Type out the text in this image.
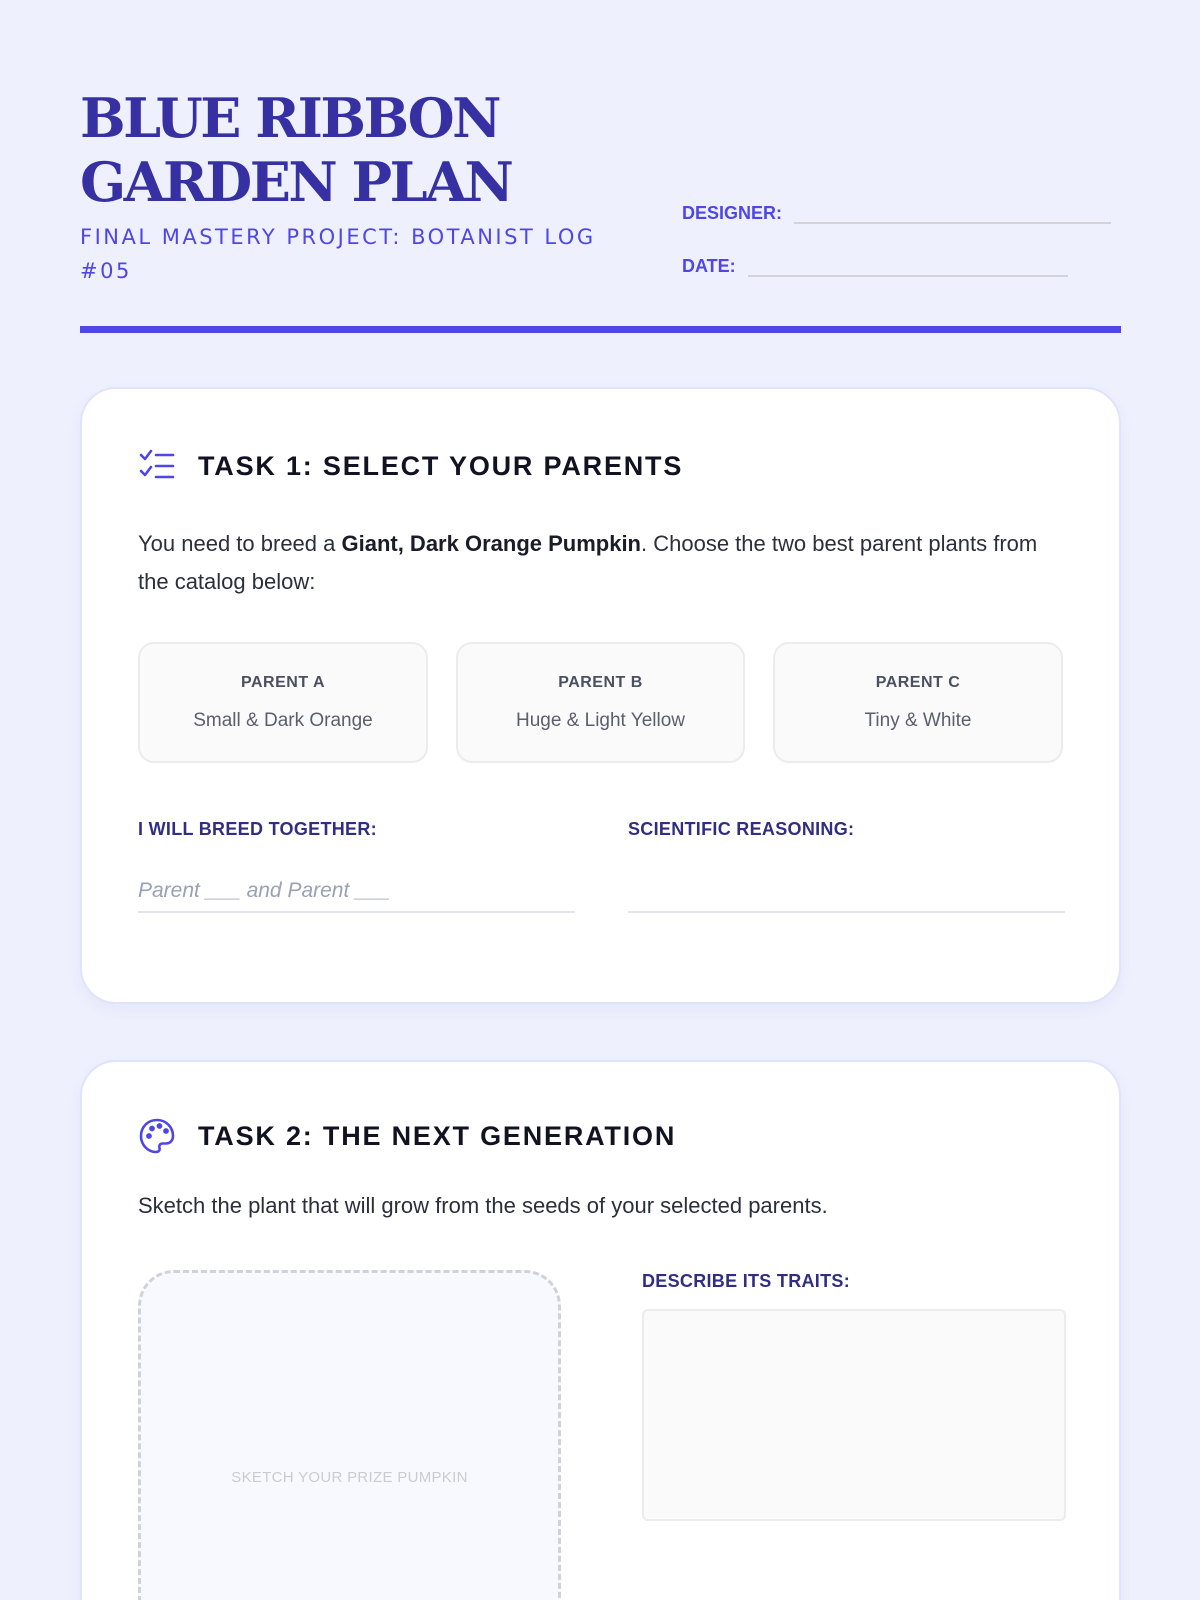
BLUE RIBBON
GARDEN PLAN
FINAL MASTERY PROJECT: BOTANIST LOG #05
DESIGNER:
DATE:
TASK 1: SELECT YOUR PARENTS

You need to breed a Giant, Dark Orange Pumpkin. Choose the two best parent plants from the catalog below:

PARENT A
Small & Dark Orange
PARENT B
Huge & Light Yellow
PARENT C
Tiny & White
I WILL BREED TOGETHER:	SCIENTIFIC REASONING:
Parent ___ and Parent ___
TASK 2: THE NEXT GENERATION

Sketch the plant that will grow from the seeds of your selected parents.

SKETCH YOUR PRIZE PUMPKIN
DESCRIBE ITS TRAITS:
